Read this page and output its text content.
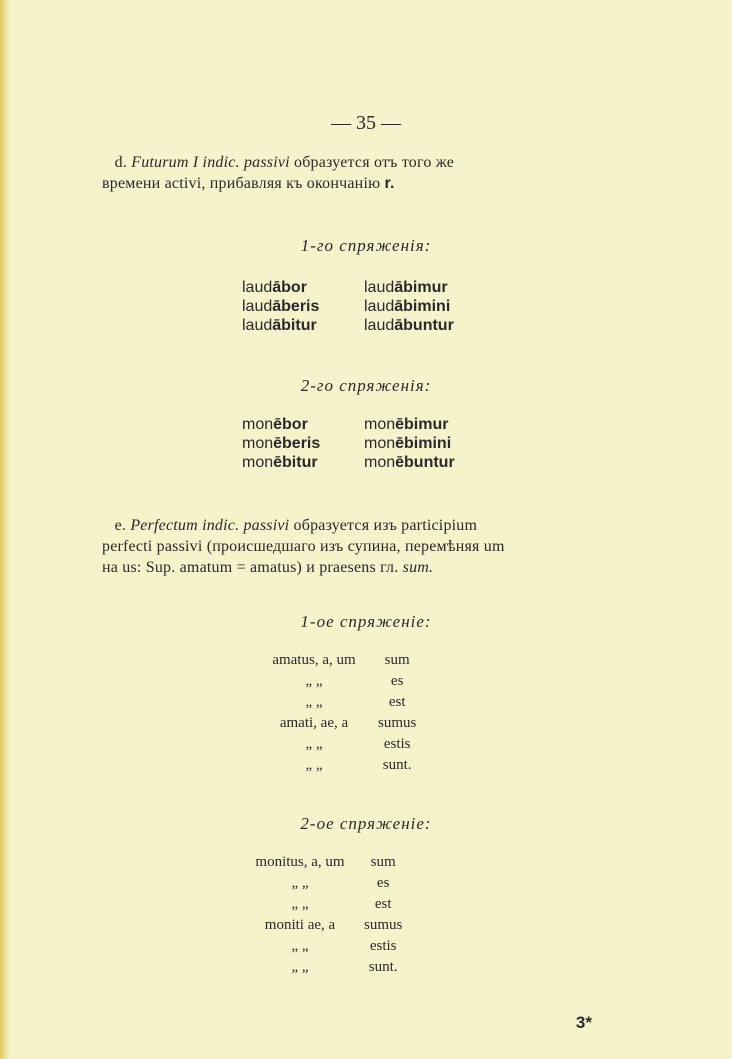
— 35 —
d. Futurum I indic. passivi образуется отъ того же
времени activi, прибавляя къ окончанію r.
1-го спряженія:
laudābor	laudābimur
laudāberis	laudābimini
laudābitur	laudābuntur
2-го спряженія:
monēbor	monēbimur
monēberis	monēbimini
monēbitur	monēbuntur
e. Perfectum indic. passivi образуется изъ participium
perfecti passivi (происшедшаго изъ супина, перемѣняя um
на us: Sup. amatum = amatus) и praesens гл. sum.
1-ое спряженіе:
amatus, a, um	sum
„ „	es
„ „	est
amati, ae, a	sumus
„ „	estis
„ „	sunt.
2-ое спряженіе:
monitus, a, um	sum
„ „	es
„ „	est
moniti ae, a	sumus
„ „	estis
„ „	sunt.
3*
